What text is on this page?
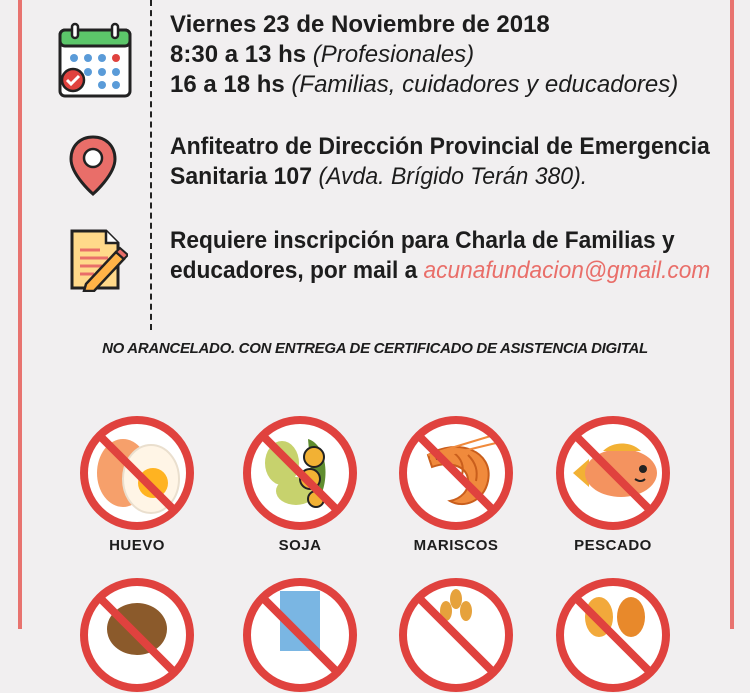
Viernes 23 de Noviembre de 2018
8:30 a 13 hs (Profesionales)
16 a 18 hs (Familias, cuidadores y educadores)
Anfiteatro de Dirección Provincial de Emergencia
Sanitaria 107 (Avda. Brígido Terán 380).
Requiere inscripción para Charla de Familias y
educadores, por mail a acunafundacion@gmail.com
NO ARANCELADO. CON ENTREGA DE CERTIFICADO DE ASISTENCIA DIGITAL
HUEVO	SOJA	MARISCOS	PESCADO
